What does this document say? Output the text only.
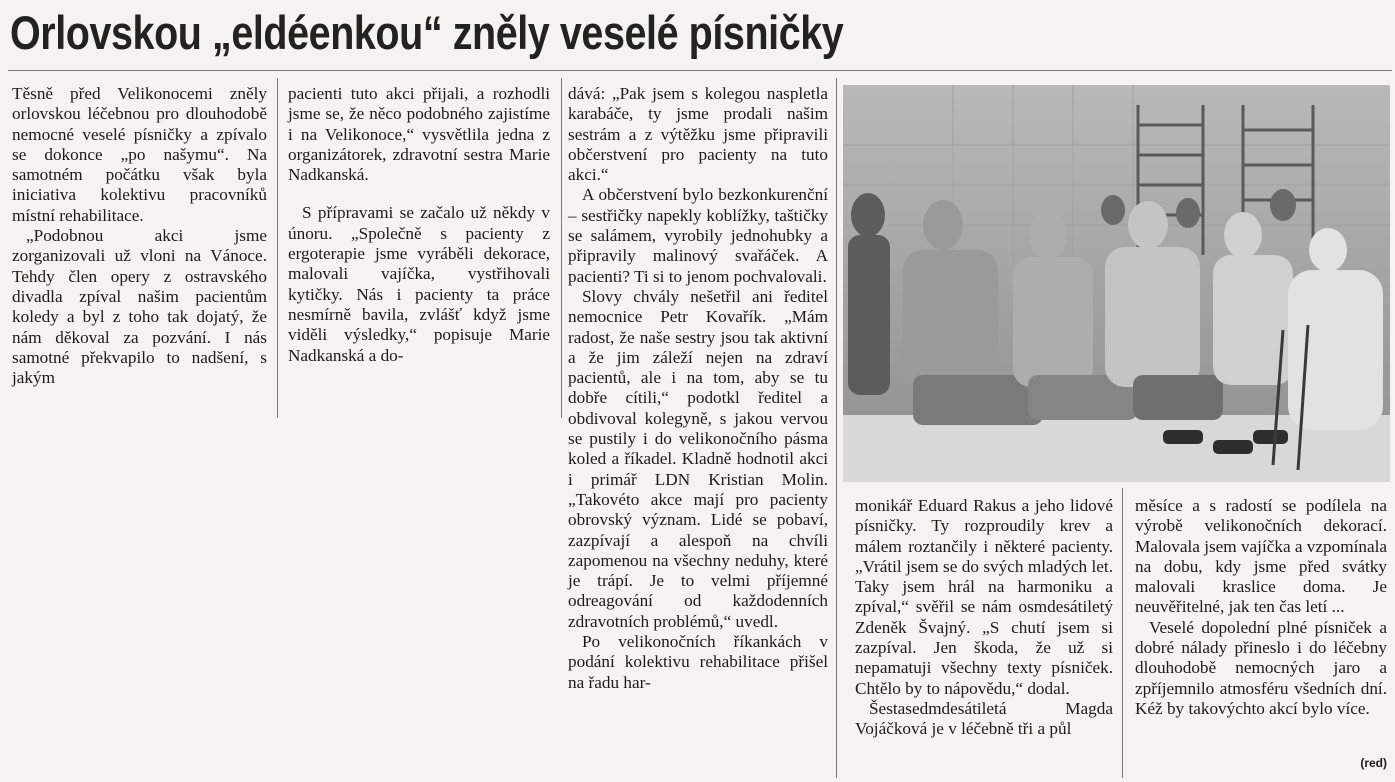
Orlovskou „eldéenkou“ zněly veselé písničky

Těsně před Velikonocemi zněly orlovskou léčebnou pro dlouhodobě nemocné veselé písničky a zpívalo se dokonce „po našymu“. Na samotném počátku však byla iniciativa kolektivu pracovníků místní rehabilitace.

„Podobnou akci jsme zorganizovali už vloni na Vánoce. Tehdy člen opery z ostravského divadla zpíval našim pacientům koledy a byl z toho tak dojatý, že nám děkoval za pozvání. I nás samotné překvapilo to nadšení, s jakým

pacienti tuto akci přijali, a rozhodli jsme se, že něco podobného zajistíme i na Velikonoce,“ vysvětlila jedna z organizátorek, zdravotní sestra Marie Nadkanská.

S přípravami se začalo už někdy v únoru. „Společně s pacienty z ergoterapie jsme vyráběli dekorace, malovali vajíčka, vystřihovali kytičky. Nás i pacienty ta práce nesmírně bavila, zvlášť když jsme viděli výsledky,“ popisuje Marie Nadkanská a do-

dává: „Pak jsem s kolegou naspletla karabáče, ty jsme prodali našim sestrám a z výtěžku jsme připravili občerstvení pro pacienty na tuto akci.“

A občerstvení bylo bezkonkurenční – sestřičky napekly koblížky, taštičky se salámem, vyrobily jednohubky a připravily malinový svařáček. A pacienti? Ti si to jenom pochvalovali.

Slovy chvály nešetřil ani ředitel nemocnice Petr Kovařík. „Mám radost, že naše sestry jsou tak aktivní a že jim záleží nejen na zdraví pacientů, ale i na tom, aby se tu dobře cítili,“ podotkl ředitel a obdivoval kolegyně, s jakou vervou se pustily i do velikonočního pásma koled a říkadel. Kladně hodnotil akci i primář LDN Kristian Molin. „Takovéto akce mají pro pacienty obrovský význam. Lidé se pobaví, zazpívají a alespoň na chvíli zapomenou na všechny neduhy, které je trápí. Je to velmi příjemné odreagování od každodenních zdravotních problémů,“ uvedl.

Po velikonočních říkankách v podání kolektivu rehabilitace přišel na řadu har-

monikář Eduard Rakus a jeho lidové písničky. Ty rozproudily krev a málem roztančily i některé pacienty. „Vrátil jsem se do svých mladých let. Taky jsem hrál na harmoniku a zpíval,“ svěřil se nám osmdesátiletý Zdeněk Švajný. „S chutí jsem si zazpíval. Jen škoda, že už si nepamatuji všechny texty písniček. Chtělo by to nápovědu,“ dodal.

Šestasedmdesátiletá Magda Vojáčková je v léčebně tři a půl

měsíce a s radostí se podílela na výrobě velikonočních dekorací. Malovala jsem vajíčka a vzpomínala na dobu, kdy jsme před svátky malovali kraslice doma. Je neuvěřitelné, jak ten čas letí ...

Veselé dopolední plné písniček a dobré nálady přineslo i do léčebny dlouhodobě nemocných jaro a zpříjemnilo atmosféru všedních dní. Kéž by takovýchto akcí bylo více.

(red)
